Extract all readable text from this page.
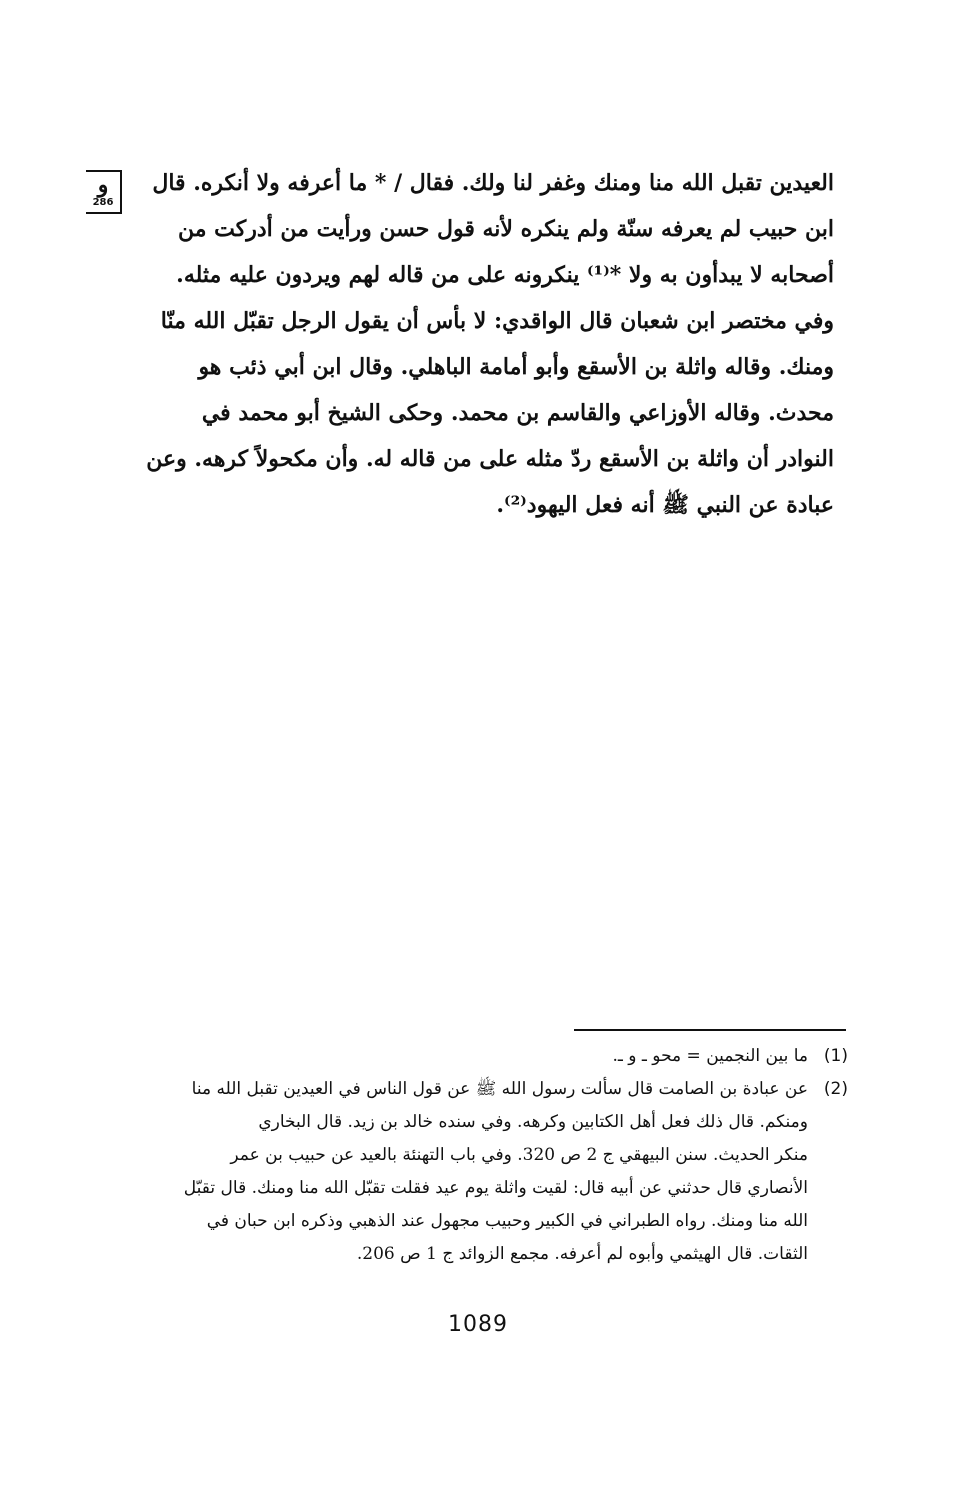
و
286
العيدين تقبل الله منا ومنك وغفر لنا ولك. فقال / * ما أعرفه ولا أنكره. قال
ابن حبيب لم يعرفه سنّة ولم ينكره لأنه قول حسن ورأيت من أدركت من
أصحابه لا يبدأون به ولا *⁽¹⁾ ينكرونه على من قاله لهم ويردون عليه مثله.
وفي مختصر ابن شعبان قال الواقدي: لا بأس أن يقول الرجل تقبّل الله منّا
ومنك. وقاله واثلة بن الأسقع وأبو أمامة الباهلي. وقال ابن أبي ذئب هو
محدث. وقاله الأوزاعي والقاسم بن محمد. وحكى الشيخ أبو محمد في
النوادر أن واثلة بن الأسقع ردّ مثله على من قاله له. وأن مكحولاً كرهه. وعن
عبادة عن النبي ﷺ أنه فعل اليهود⁽²⁾.
(1)
ما بين النجمين = محو ـ و ـ.
(2)
عن عبادة بن الصامت قال سألت رسول الله ﷺ عن قول الناس في العيدين تقبل الله منا
ومنكم. قال ذلك فعل أهل الكتابين وكرهه. وفي سنده خالد بن زيد. قال البخاري
منكر الحديث. سنن البيهقي ج 2 ص 320. وفي باب التهنئة بالعيد عن حبيب بن عمر
الأنصاري قال حدثني عن أبيه قال: لقيت واثلة يوم عيد فقلت تقبّل الله منا ومنك. قال تقبّل
الله منا ومنك. رواه الطبراني في الكبير وحبيب مجهول عند الذهبي وذكره ابن حبان في
الثقات. قال الهيثمي وأبوه لم أعرفه. مجمع الزوائد ج 1 ص 206.
1089
